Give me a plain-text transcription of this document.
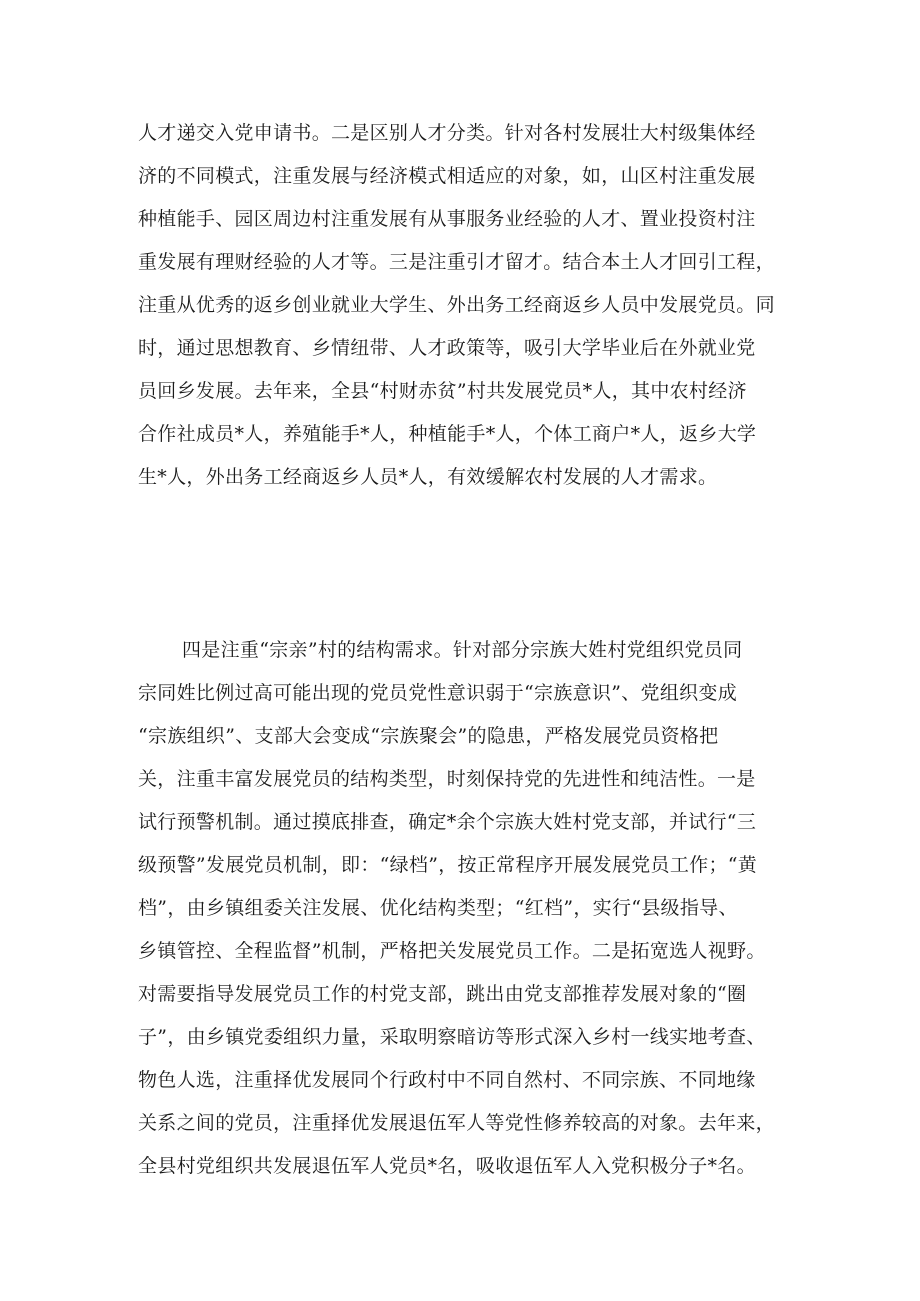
人才递交入党申请书。二是区别人才分类。针对各村发展壮大村级集体经
济的不同模式，注重发展与经济模式相适应的对象，如，山区村注重发展
种植能手、园区周边村注重发展有从事服务业经验的人才、置业投资村注
重发展有理财经验的人才等。三是注重引才留才。结合本土人才回引工程，
注重从优秀的返乡创业就业大学生、外出务工经商返乡人员中发展党员。同
时，通过思想教育、乡情纽带、人才政策等，吸引大学毕业后在外就业党
员回乡发展。去年来，全县“村财赤贫”村共发展党员*人，其中农村经济
合作社成员*人，养殖能手*人，种植能手*人，个体工商户*人，返乡大学
生*人，外出务工经商返乡人员*人，有效缓解农村发展的人才需求。
四是注重“宗亲”村的结构需求。针对部分宗族大姓村党组织党员同
宗同姓比例过高可能出现的党员党性意识弱于“宗族意识”、党组织变成
“宗族组织”、支部大会变成“宗族聚会”的隐患，严格发展党员资格把
关，注重丰富发展党员的结构类型，时刻保持党的先进性和纯洁性。一是
试行预警机制。通过摸底排查，确定*余个宗族大姓村党支部，并试行“三
级预警”发展党员机制，即：“绿档”，按正常程序开展发展党员工作；“黄
档”，由乡镇组委关注发展、优化结构类型；“红档”，实行“县级指导、
乡镇管控、全程监督”机制，严格把关发展党员工作。二是拓宽选人视野。
对需要指导发展党员工作的村党支部，跳出由党支部推荐发展对象的“圈
子”，由乡镇党委组织力量，采取明察暗访等形式深入乡村一线实地考查、
物色人选，注重择优发展同个行政村中不同自然村、不同宗族、不同地缘
关系之间的党员，注重择优发展退伍军人等党性修养较高的对象。去年来，
全县村党组织共发展退伍军人党员*名，吸收退伍军人入党积极分子*名。
